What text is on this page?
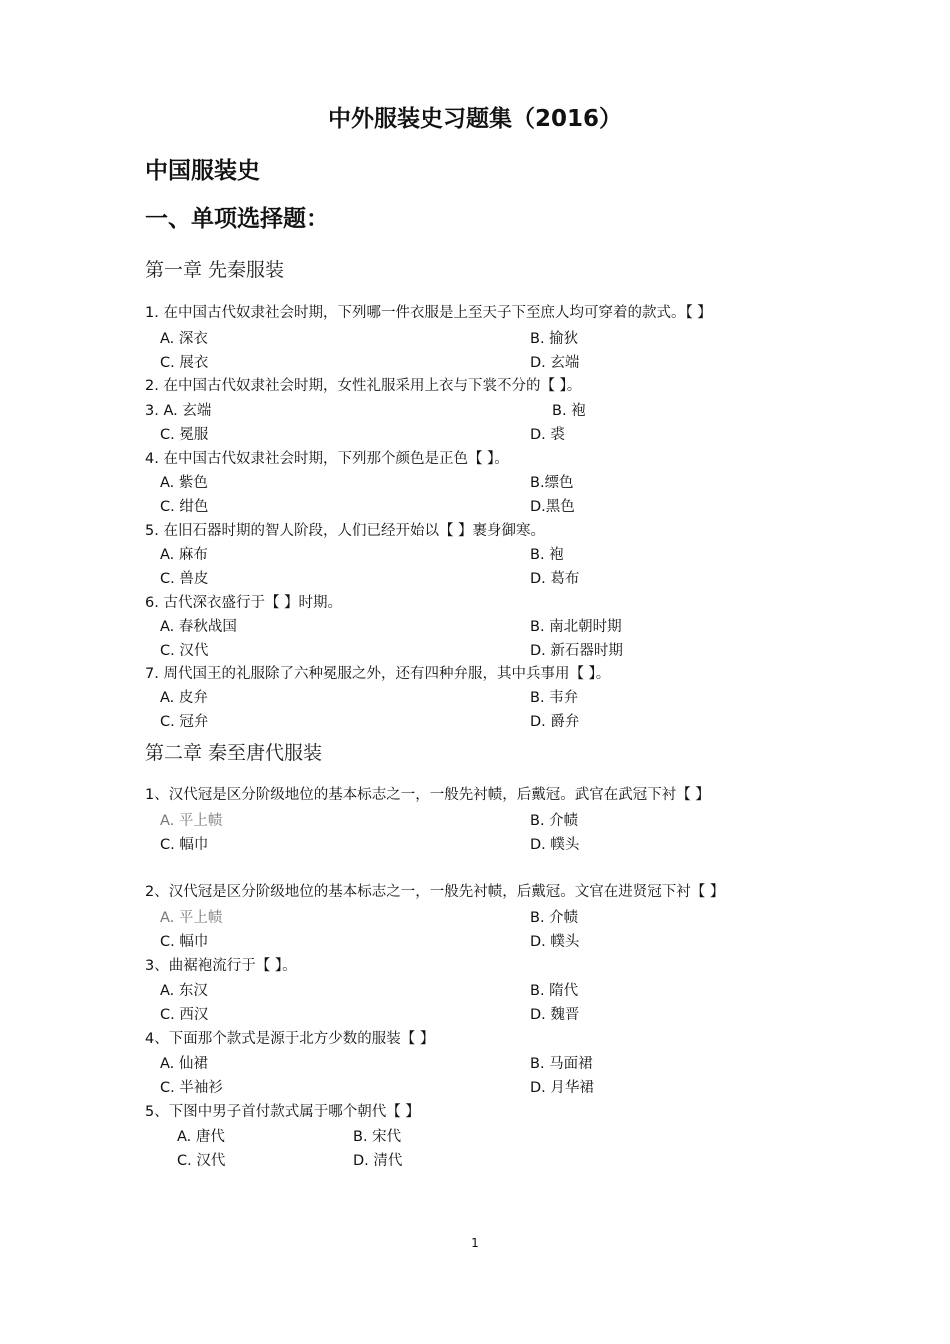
中外服装史习题集（2016）
中国服装史
一、单项选择题：
第一章 先秦服装
1. 在中国古代奴隶社会时期，下列哪一件衣服是上至天子下至庶人均可穿着的款式。【 】
A. 深衣	B. 揄狄
C. 展衣	D. 玄端
2. 在中国古代奴隶社会时期，女性礼服采用上衣与下裳不分的【 】。
3. A. 玄端	B. 袍
C. 冕服	D. 裘
4. 在中国古代奴隶社会时期，下列那个颜色是正色【 】。
A. 紫色	B.缥色
C. 绀色	D.黑色
5. 在旧石器时期的智人阶段，人们已经开始以【 】裹身御寒。
A. 麻布	B. 袍
C. 兽皮	D. 葛布
6. 古代深衣盛行于【 】时期。
A. 春秋战国	B. 南北朝时期
C. 汉代	D. 新石器时期
7. 周代国王的礼服除了六种冕服之外，还有四种弁服，其中兵事用【 】。
A. 皮弁	B. 韦弁
C. 冠弁	D. 爵弁
第二章 秦至唐代服装
1、汉代冠是区分阶级地位的基本标志之一，一般先衬帻，后戴冠。武官在武冠下衬【 】
A. 平上帻	B. 介帻
C. 幅巾	D. 幞头
2、汉代冠是区分阶级地位的基本标志之一，一般先衬帻，后戴冠。文官在进贤冠下衬【 】
A. 平上帻	B. 介帻
C. 幅巾	D. 幞头
3、曲裾袍流行于【 】。
A. 东汉	B. 隋代
C. 西汉	D. 魏晋
4、下面那个款式是源于北方少数的服装【 】
A. 仙裙	B. 马面裙
C. 半袖衫	D. 月华裙
5、下图中男子首付款式属于哪个朝代【 】
A. 唐代	B. 宋代
C. 汉代	D. 清代
1
